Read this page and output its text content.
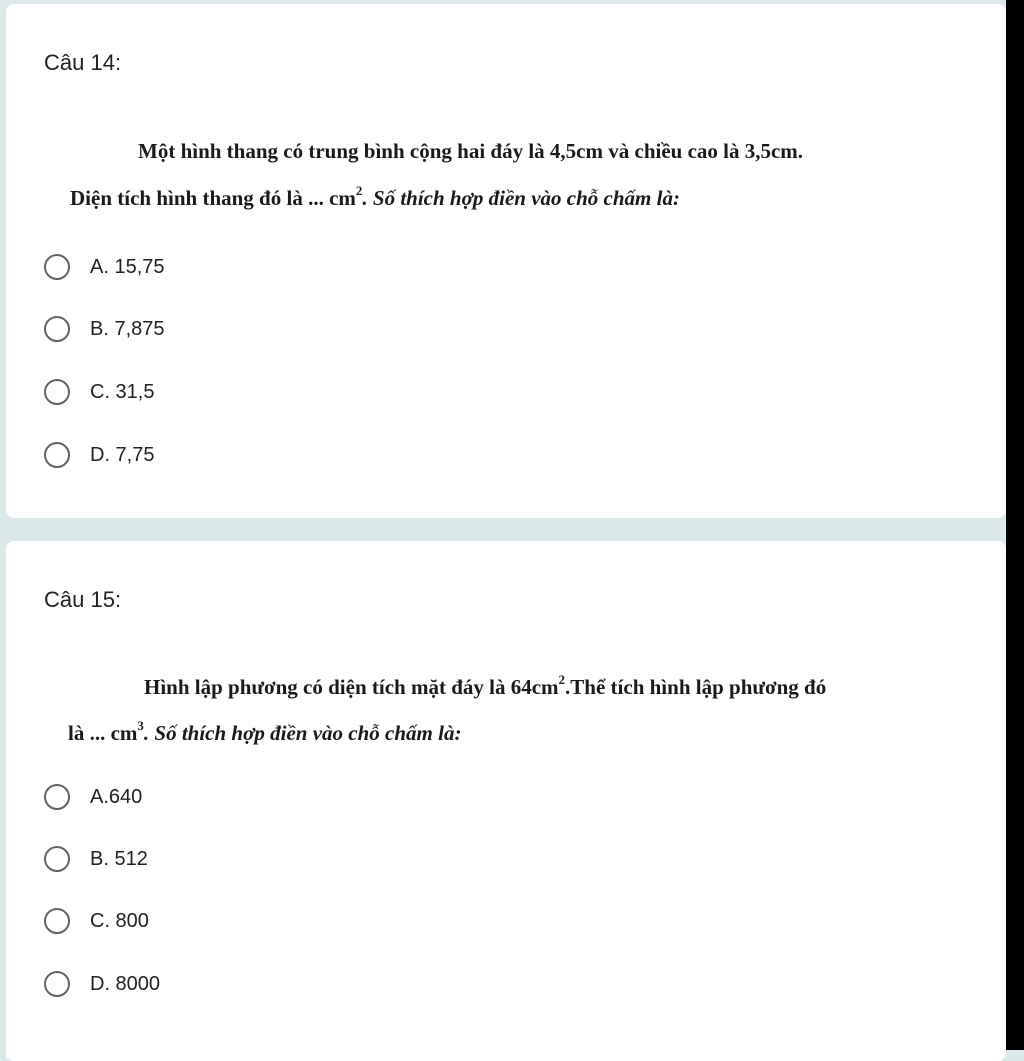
Câu 14:
Một hình thang có trung bình cộng hai đáy là 4,5cm và chiều cao là 3,5cm.
Diện tích hình thang đó là ... $cm^2$. Số thích hợp điền vào chỗ chấm là:
A. 15,75
B. 7,875
C. 31,5
D. 7,75
Câu 15:
Hình lập phương có diện tích mặt đáy là $64cm^2.Thể$ tích hình lập phương đó
là ... $cm^3$. Số thích hợp điền vào chỗ chấm là:
A.640
B. 512
C. 800
D. 8000
